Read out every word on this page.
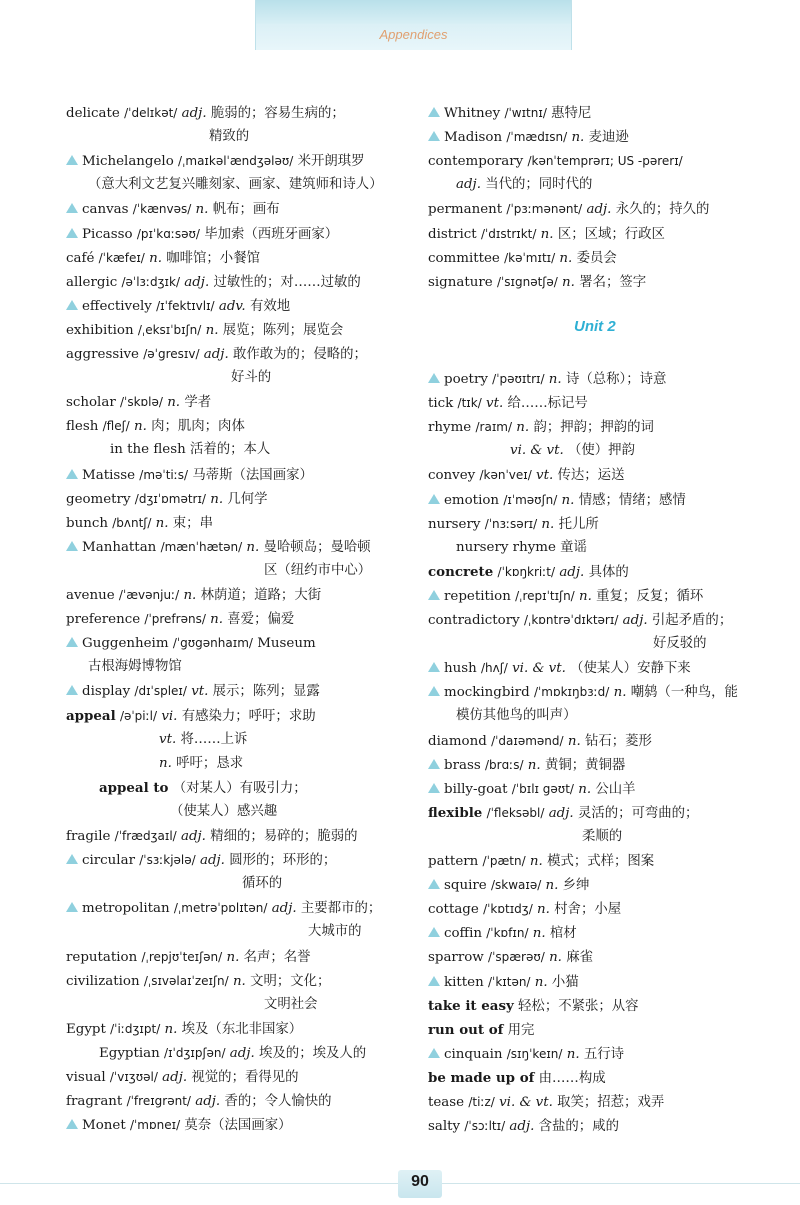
Appendices
delicate /ˈdelɪkət/ adj. 脆弱的；容易生病的；
精致的
Michelangelo /ˌmaɪkəlˈændʒələʊ/ 米开朗琪罗
（意大利文艺复兴雕刻家、画家、建筑师和诗人）
canvas /ˈkænvəs/ n. 帆布；画布
Picasso /pɪˈkɑːsəʊ/ 毕加索（西班牙画家）
café /ˈkæfeɪ/ n. 咖啡馆；小餐馆
allergic /əˈlɜːdʒɪk/ adj. 过敏性的；对……过敏的
effectively /ɪˈfektɪvlɪ/ adv. 有效地
exhibition /ˌeksɪˈbɪʃn/ n. 展览；陈列；展览会
aggressive /əˈgresɪv/ adj. 敢作敢为的；侵略的；
好斗的
scholar /ˈskɒlə/ n. 学者
flesh /fleʃ/ n. 肉；肌肉；肉体
in the flesh 活着的；本人
Matisse /məˈtiːs/ 马蒂斯（法国画家）
geometry /dʒɪˈɒmətrɪ/ n. 几何学
bunch /bʌntʃ/ n. 束；串
Manhattan /mænˈhætən/ n. 曼哈顿岛；曼哈顿
区（纽约市中心）
avenue /ˈævənjuː/ n. 林荫道；道路；大街
preference /ˈprefrəns/ n. 喜爱；偏爱
Guggenheim /ˈgʊgənhaɪm/ Museum
古根海姆博物馆
display /dɪˈspleɪ/ vt. 展示；陈列；显露
appeal /əˈpiːl/ vi. 有感染力；呼吁；求助
vt. 将……上诉
n. 呼吁；恳求
appeal to （对某人）有吸引力；
（使某人）感兴趣
fragile /ˈfrædʒaɪl/ adj. 精细的；易碎的；脆弱的
circular /ˈsɜːkjələ/ adj. 圆形的；环形的；
循环的
metropolitan /ˌmetrəˈpɒlɪtən/ adj. 主要都市的；
大城市的
reputation /ˌrepjʊˈteɪʃən/ n. 名声；名誉
civilization /ˌsɪvəlaɪˈzeɪʃn/ n. 文明；文化；
文明社会
Egypt /ˈiːdʒɪpt/ n. 埃及（东北非国家）
Egyptian /ɪˈdʒɪpʃən/ adj. 埃及的；埃及人的
visual /ˈvɪʒʊəl/ adj. 视觉的；看得见的
fragrant /ˈfreɪgrənt/ adj. 香的；令人愉快的
Monet /ˈmɒneɪ/ 莫奈（法国画家）
Whitney /ˈwɪtnɪ/ 惠特尼
Madison /ˈmædɪsn/ n. 麦迪逊
contemporary /kənˈtemprərɪ; US -pərerɪ/
adj. 当代的；同时代的
permanent /ˈpɜːmənənt/ adj. 永久的；持久的
district /ˈdɪstrɪkt/ n. 区；区域；行政区
committee /kəˈmɪtɪ/ n. 委员会
signature /ˈsɪgnətʃə/ n. 署名；签字
Unit 2
poetry /ˈpəʊɪtrɪ/ n. 诗（总称）；诗意
tick /tɪk/ vt. 给……标记号
rhyme /raɪm/ n. 韵；押韵；押韵的词
vi. & vt. （使）押韵
convey /kənˈveɪ/ vt. 传达；运送
emotion /ɪˈməʊʃn/ n. 情感；情绪；感情
nursery /ˈnɜːsərɪ/ n. 托儿所
nursery rhyme 童谣
concrete /ˈkɒŋkriːt/ adj. 具体的
repetition /ˌrepɪˈtɪʃn/ n. 重复；反复；循环
contradictory /ˌkɒntrəˈdɪktərɪ/ adj. 引起矛盾的；
好反驳的
hush /hʌʃ/ vi. & vt. （使某人）安静下来
mockingbird /ˈmɒkɪŋbɜːd/ n. 嘲鸫（一种鸟，能
模仿其他鸟的叫声）
diamond /ˈdaɪəmənd/ n. 钻石；菱形
brass /brɑːs/ n. 黄铜；黄铜器
billy-goat /ˈbɪlɪ gəʊt/ n. 公山羊
flexible /ˈfleksəbl/ adj. 灵活的；可弯曲的；
柔顺的
pattern /ˈpætn/ n. 模式；式样；图案
squire /skwaɪə/ n. 乡绅
cottage /ˈkɒtɪdʒ/ n. 村舍；小屋
coffin /ˈkɒfɪn/ n. 棺材
sparrow /ˈspærəʊ/ n. 麻雀
kitten /ˈkɪtən/ n. 小猫
take it easy 轻松；不紧张；从容
run out of 用完
cinquain /sɪŋˈkeɪn/ n. 五行诗
be made up of 由……构成
tease /tiːz/ vi. & vt. 取笑；招惹；戏弄
salty /ˈsɔːltɪ/ adj. 含盐的；咸的
90
